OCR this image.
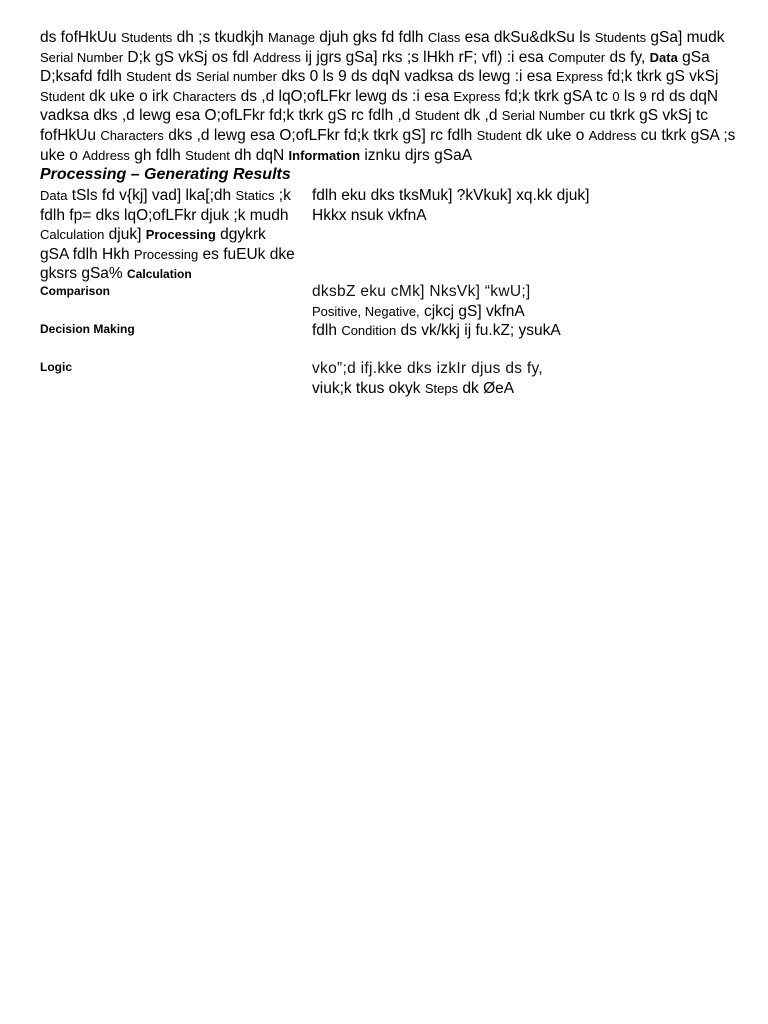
ds fofHkUu Students dh ;s tkudkjh Manage djuh gks fd fdlh Class esa dkSu&dkSu ls Students gSa] mudk Serial Number D;k gS vkSj os fdl Address ij jgrs gSa] rks ;s lHkh rF; vfl) :i esa Computer ds fy, Data gSa D;ksafd fdlh Student ds Serial number dks 0 ls 9 ds dqN vadksa ds lewg :i esa Express fd;k tkrk gS vkSj Student dk uke o irk Characters ds ,d lqO;ofLFkr lewg ds :i esa Express fd;k tkrk gSA tc 0 ls 9 rd ds dqN vadksa dks ,d lewg esa O;ofLFkr fd;k tkrk gS rc fdlh ,d Student dk ,d Serial Number cu tkrk gS vkSj tc fofHkUu Characters dks ,d lewg esa O;ofLFkr fd;k tkrk gS] rc fdlh Student dk uke o Address cu tkrk gSA ;s uke o Address gh fdlh Student dh dqN Information iznku djrs gSaA
Processing – Generating Results
Data tSls fd v{kj] vad] lka[;dh Statics ;k fdlh fp= dks lqO;ofLFkr djuk ;k mudh Calculation djuk] Processing dgykrk gSA fdlh Hkh Processing es fuEUk dke gksrs gSa% Calculation
fdlh eku dks tksMuk] ?kVkuk] xq.kk djuk] Hkkx nsuk vkfnA
Comparison	dksbZ eku cMk] NksVk] “kwU;]
Positive, Negative, cjkcj gS] vkfnA
Decision Making	fdlh Condition ds vk/kkj ij fu.kZ; ysukA
Logic	vko”;d ifj.kke dks izkIr djus ds fy,
viuk;k tkus okyk Steps dk ØeA
